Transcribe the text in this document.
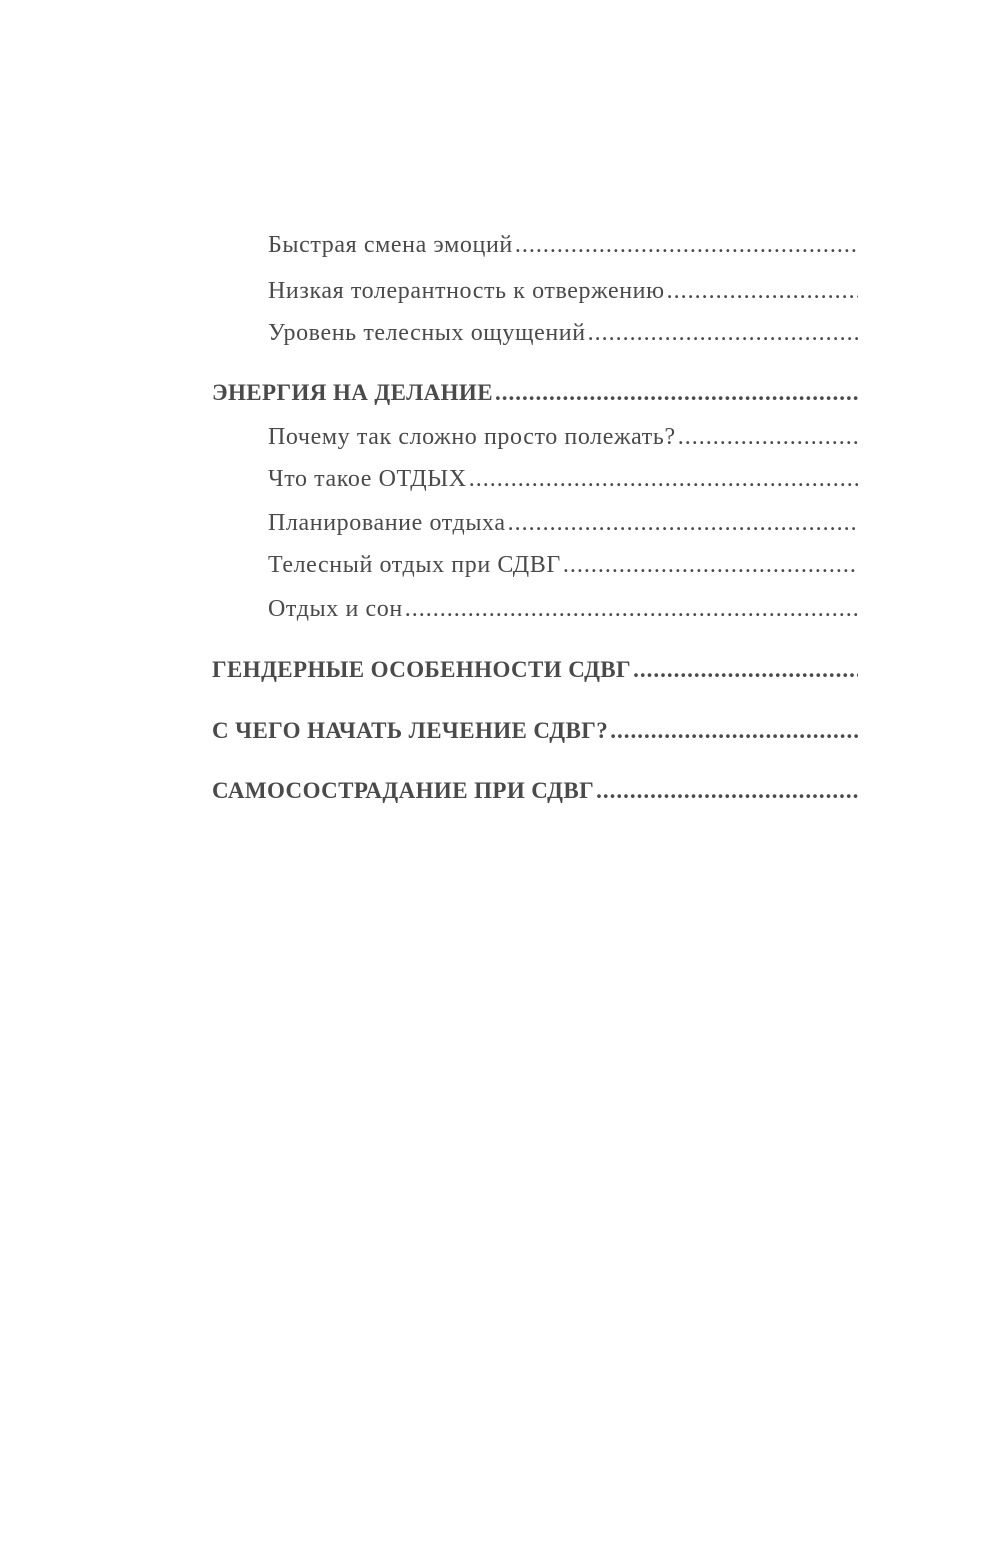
Быстрая смена эмоций
.....
Низкая толерантность к отвержению
.....
Уровень телесных ощущений
.....
ЭНЕРГИЯ НА ДЕЛАНИЕ
.....
Почему так сложно просто полежать?
.....
Что такое ОТДЫХ
.....
Планирование отдыха
.....
Телесный отдых при СДВГ
.....
Отдых и сон
.....
ГЕНДЕРНЫЕ ОСОБЕННОСТИ СДВГ
.....
С ЧЕГО НАЧАТЬ ЛЕЧЕНИЕ СДВГ?
.....
САМОСОСТРАДАНИЕ ПРИ СДВГ
.....
